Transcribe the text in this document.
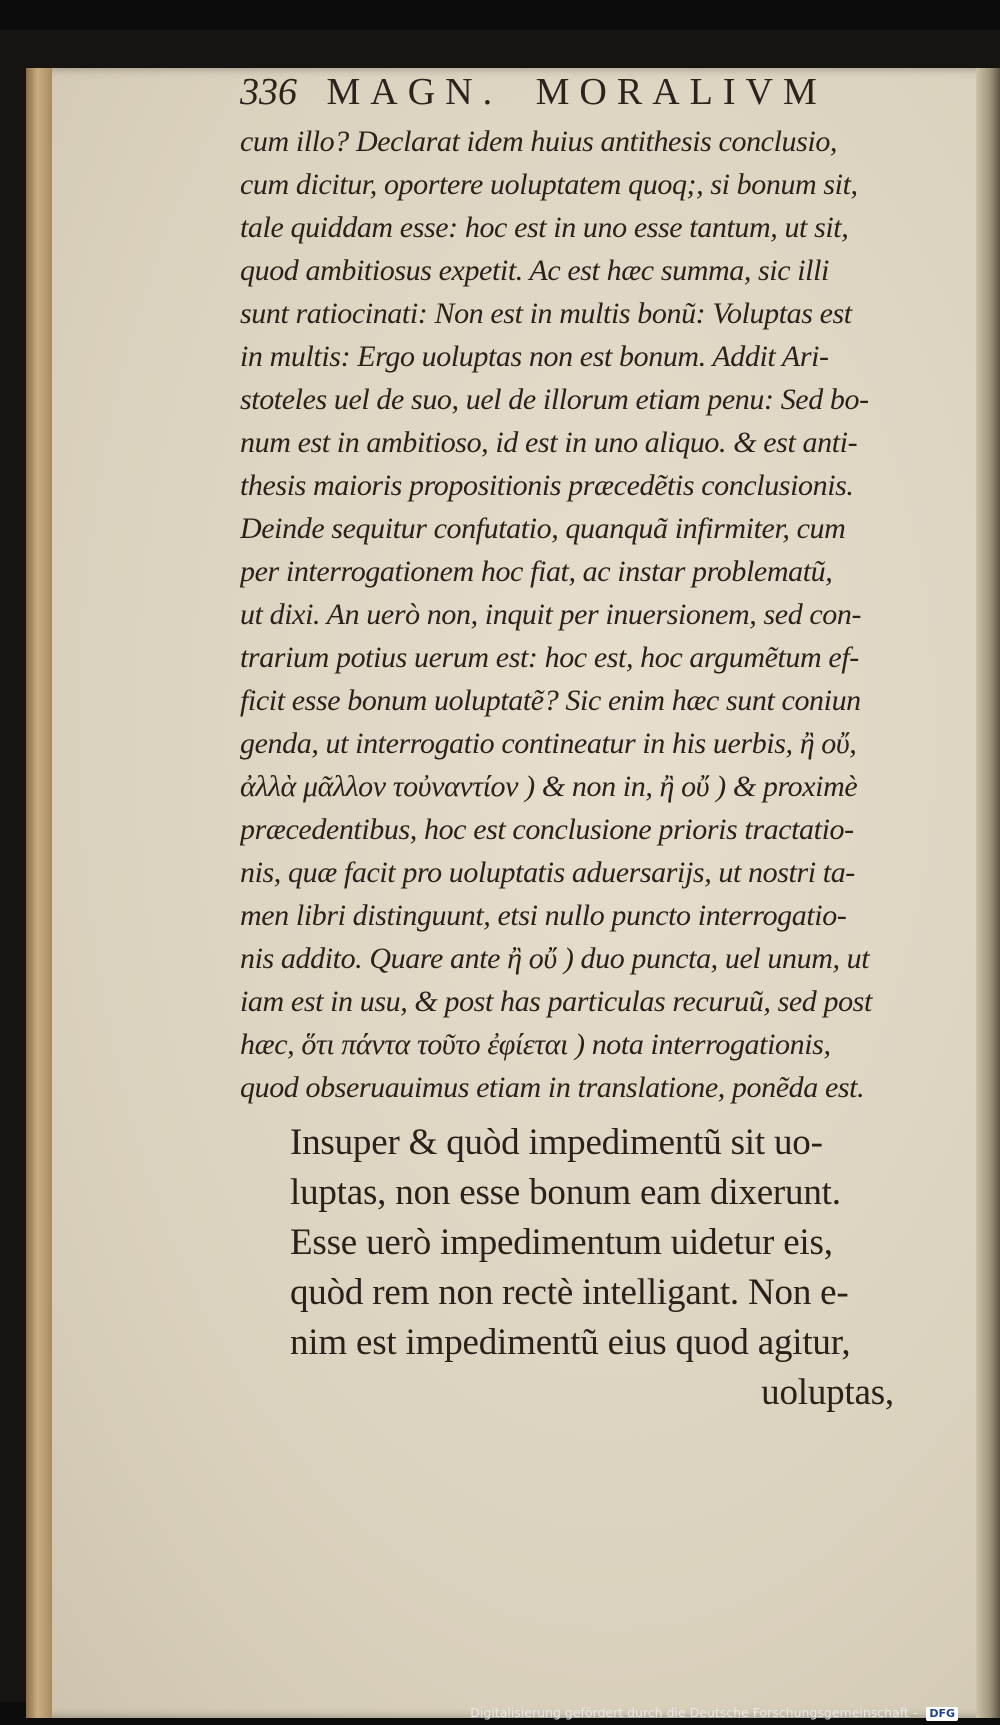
336 MAGN. MORALIVM
cum illo? Declarat idem huius antithesis conclusio,
cum dicitur, oportere uoluptatem quoq;, si bonum sit,
tale quiddam esse: hoc est in uno esse tantum, ut sit,
quod ambitiosus expetit. Ac est hæc summa, sic illi
sunt ratiocinati: Non est in multis bonũ: Voluptas est
in multis: Ergo uoluptas non est bonum. Addit Ari-
stoteles uel de suo, uel de illorum etiam penu: Sed bo-
num est in ambitioso, id est in uno aliquo. & est anti-
thesis maioris propositionis præcedẽtis conclusionis.
Deinde sequitur confutatio, quanquã infirmiter, cum
per interrogationem hoc fiat, ac instar problematũ,
ut dixi. An uerò non, inquit per inuersionem, sed con-
trarium potius uerum est: hoc est, hoc argumẽtum ef-
ficit esse bonum uoluptatẽ? Sic enim hæc sunt coniun
genda, ut interrogatio contineatur in his uerbis, ἢ οὔ,
ἀλλὰ μᾶλλον τοὐναντίον ) & non in, ἢ οὔ ) & proximè
præcedentibus, hoc est conclusione prioris tractatio-
nis, quæ facit pro uoluptatis aduersarijs, ut nostri ta-
men libri distinguunt, etsi nullo puncto interrogatio-
nis addito. Quare ante ἢ οὔ ) duo puncta, uel unum, ut
iam est in usu, & post has particulas recuruũ, sed post
hæc, ὅτι πάντα τοῦτο ἐφίεται ) nota interrogationis,
quod obseruauimus etiam in translatione, ponẽda est.
Insuper & quòd impedimentũ sit uo-
luptas, non esse bonum eam dixerunt.
Esse uerò impedimentum uidetur eis,
quòd rem non rectè intelligant. Non e-
nim est impedimentũ eius quod agitur,
uoluptas,
Digitalisierung gefördert durch die Deutsche Forschungsgemeinschaft - DFG
